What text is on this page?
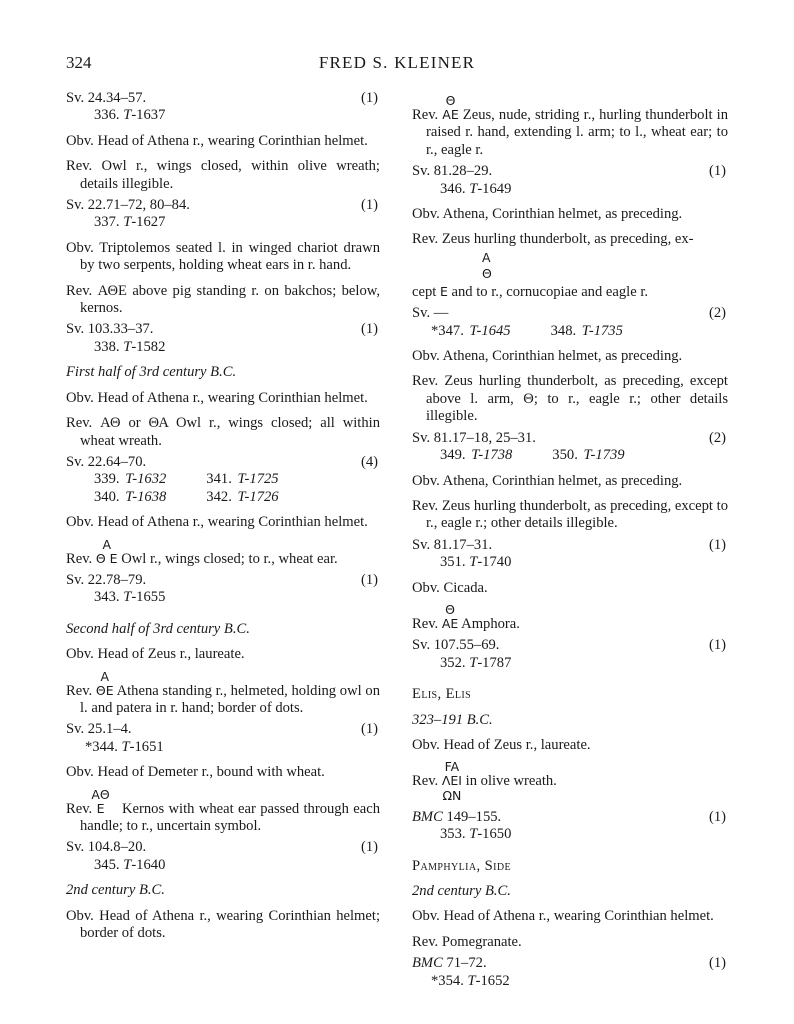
324	FRED S. KLEINER
Sv. 24.34–57.	(1)
336. T-1637
Obv. Head of Athena r., wearing Corinthian helmet.
Rev. Owl r., wings closed, within olive wreath; details illegible.
Sv. 22.71–72, 80–84.	(1)
337. T-1627
Obv. Triptolemos seated l. in winged chariot drawn by two serpents, holding wheat ears in r. hand.
Rev. ΑΘΕ above pig standing r. on bakchos; below, kernos.
Sv. 103.33–37.	(1)
338. T-1582
First half of 3rd century B.C.
Obv. Head of Athena r., wearing Corinthian helmet.
Rev. ΑΘ or ΘΑ Owl r., wings closed; all within wheat wreath.
Sv. 22.64–70.	(4)
339. T-1632	341. T-1725
340. T-1638	342. T-1726
Obv. Head of Athena r., wearing Corinthian helmet.
Rev.
A
Θ E Owl r., wings closed; to r., wheat ear.
Sv. 22.78–79.	(1)
343. T-1655
Second half of 3rd century B.C.
Obv. Head of Zeus r., laureate.
Rev.
A
ΘE Athena standing r., helmeted, holding owl on l. and patera in r. hand; border of dots.
Sv. 25.1–4.	(1)
*344. T-1651
Obv. Head of Demeter r., bound with wheat.
Rev.
AΘ
E    Kernos with wheat ear passed through each handle; to r., uncertain symbol.
Sv. 104.8–20.	(1)
345. T-1640
2nd century B.C.
Obv. Head of Athena r., wearing Corinthian helmet; border of dots.
Rev.
Θ
AE Zeus, nude, striding r., hurling thunderbolt in raised r. hand, extending l. arm; to l., wheat ear; to r., eagle r.
Sv. 81.28–29.	(1)
346. T-1649
Obv. Athena, Corinthian helmet, as preceding.
Rev. Zeus hurling thunderbolt, as preceding, ex-
A
Θ
cept E and to r., cornucopiae and eagle r.
Sv. —	(2)
*347. T-1645	348. T-1735
Obv. Athena, Corinthian helmet, as preceding.
Rev. Zeus hurling thunderbolt, as preceding, except above l. arm, Θ; to r., eagle r.; other details illegible.
Sv. 81.17–18, 25–31.	(2)
349. T-1738	350. T-1739
Obv. Athena, Corinthian helmet, as preceding.
Rev. Zeus hurling thunderbolt, as preceding, except to r., eagle r.; other details illegible.
Sv. 81.17–31.	(1)
351. T-1740
Obv. Cicada.
Rev.
Θ
AE Amphora.
Sv. 107.55–69.	(1)
352. T-1787
Elis, Elis
323–191 B.C.
Obv. Head of Zeus r., laureate.
Rev.
FA
ΛEI
ΩN
in olive wreath.
BMC 149–155.	(1)
353. T-1650
Pamphylia, Side
2nd century B.C.
Obv. Head of Athena r., wearing Corinthian helmet.
Rev. Pomegranate.
BMC 71–72.	(1)
*354. T-1652
